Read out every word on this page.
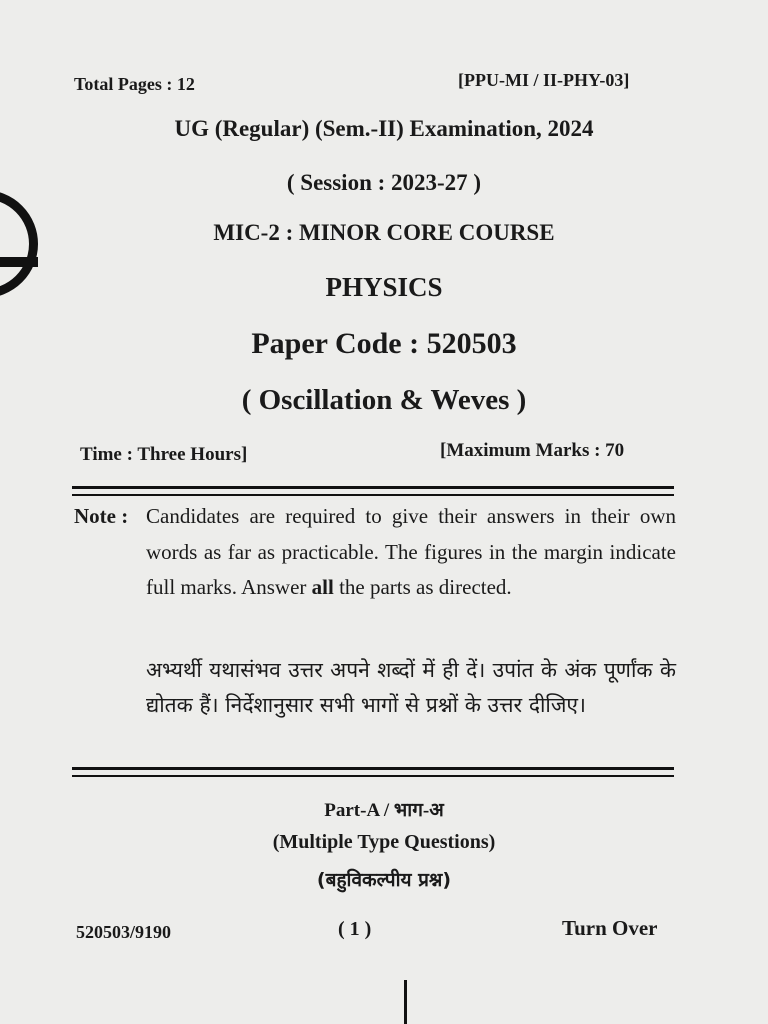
Total Pages : 12	[PPU-MI / II-PHY-03]
UG (Regular) (Sem.-II) Examination, 2024
( Session : 2023-27 )
MIC-2 : MINOR CORE COURSE
PHYSICS
Paper Code : 520503
( Oscillation & Weves )
Time : Three Hours]	[Maximum Marks : 70
Note : Candidates are required to give their answers in their own words as far as practicable. The figures in the margin indicate full marks. Answer all the parts as directed.
अभ्यर्थी यथासंभव उत्तर अपने शब्दों में ही दें। उपांत के अंक पूर्णांक के द्योतक हैं। निर्देशानुसार सभी भागों से प्रश्नों के उत्तर दीजिए।
Part-A / भाग-अ
(Multiple Type Questions)
(बहुविकल्पीय प्रश्न)
520503/9190	( 1 )	Turn Over
